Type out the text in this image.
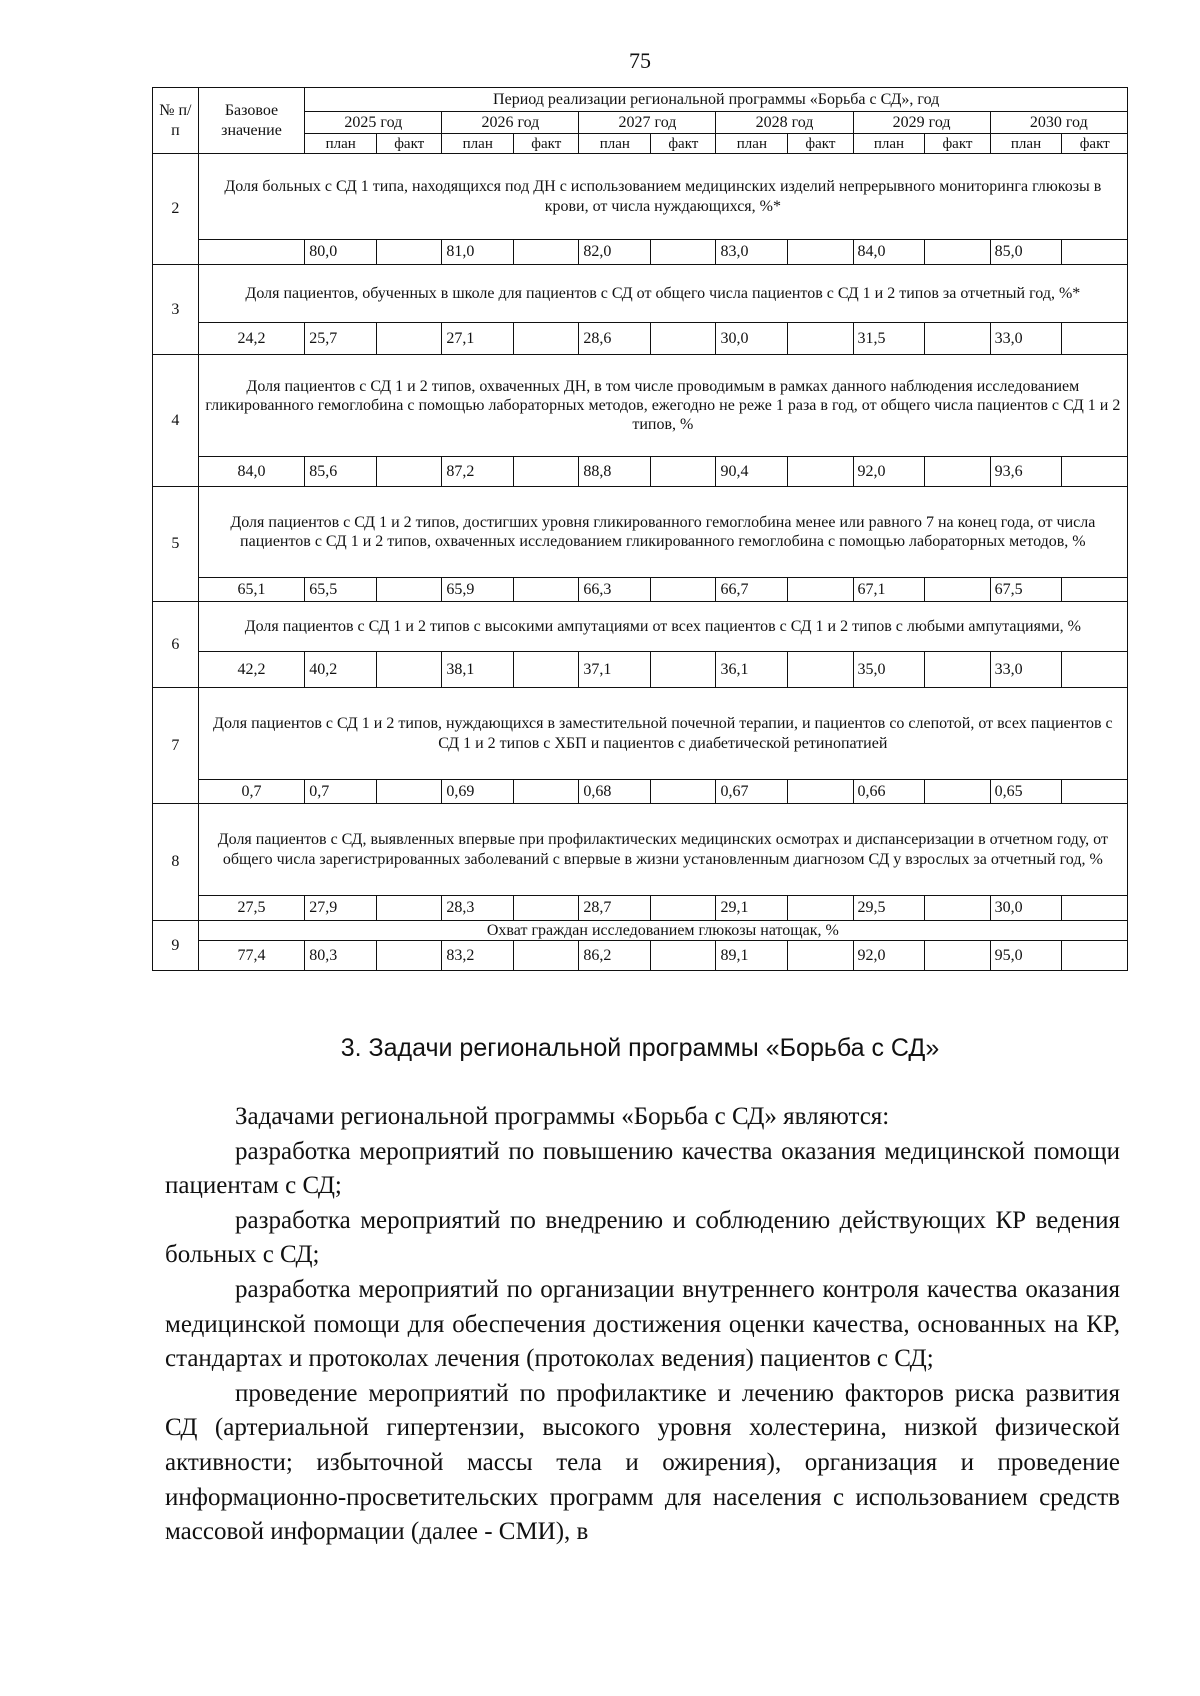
75
№ п/п	Базовое значение	Период реализации региональной программы «Борьба с СД», год											
		2025 год		2026 год		2027 год		2028 год		2029 год		2030 год	
		план	факт	план	факт	план	факт	план	факт	план	факт	план	факт
2	Доля больных с СД 1 типа, находящихся под ДН с использованием медицинских изделий непрерывного мониторинга глюкозы в крови, от числа нуждающихся, %*												
		80,0		81,0		82,0		83,0		84,0		85,0	
3	Доля пациентов, обученных в школе для пациентов с СД от общего числа пациентов с СД 1 и 2 типов за отчетный год, %*												
	24,2	25,7		27,1		28,6		30,0		31,5		33,0	
4	Доля пациентов с СД 1 и 2 типов, охваченных ДН, в том числе проводимым в рамках данного наблюдения исследованием гликированного гемоглобина с помощью лабораторных методов, ежегодно не реже 1 раза в год, от общего числа пациентов с СД 1 и 2 типов, %												
	84,0	85,6		87,2		88,8		90,4		92,0		93,6	
5	Доля пациентов с СД 1 и 2 типов, достигших уровня гликированного гемоглобина менее или равного 7 на конец года, от числа пациентов с СД 1 и 2 типов, охваченных исследованием гликированного гемоглобина с помощью лабораторных методов, %												
	65,1	65,5		65,9		66,3		66,7		67,1		67,5	
6	Доля пациентов с СД 1 и 2 типов с высокими ампутациями от всех пациентов с СД 1 и 2 типов с любыми ампутациями, %												
	42,2	40,2		38,1		37,1		36,1		35,0		33,0	
7	Доля пациентов с СД 1 и 2 типов, нуждающихся в заместительной почечной терапии, и пациентов со слепотой, от всех пациентов с СД 1 и 2 типов с ХБП и пациентов с диабетической ретинопатией												
	0,7	0,7		0,69		0,68		0,67		0,66		0,65	
8	Доля пациентов с СД, выявленных впервые при профилактических медицинских осмотрах и диспансеризации в отчетном году, от общего числа зарегистрированных заболеваний с впервые в жизни установленным диагнозом СД у взрослых за отчетный год, %												
	27,5	27,9		28,3		28,7		29,1		29,5		30,0	
9	Охват граждан исследованием глюкозы натощак, %												
	77,4	80,3		83,2		86,2		89,1		92,0		95,0	
3. Задачи региональной программы «Борьба с СД»

Задачами региональной программы «Борьба с СД» являются:

разработка мероприятий по повышению качества оказания медицинской помощи пациентам с СД;

разработка мероприятий по внедрению и соблюдению действующих КР ведения больных с СД;

разработка мероприятий по организации внутреннего контроля качества оказания медицинской помощи для обеспечения достижения оценки качества, основанных на КР, стандартах и протоколах лечения (протоколах ведения) пациентов с СД;

проведение мероприятий по профилактике и лечению факторов риска развития СД (артериальной гипертензии, высокого уровня холестерина, низкой физической активности; избыточной массы тела и ожирения), организация и проведение информационно-просветительских программ для населения с использованием средств массовой информации (далее - СМИ), в
